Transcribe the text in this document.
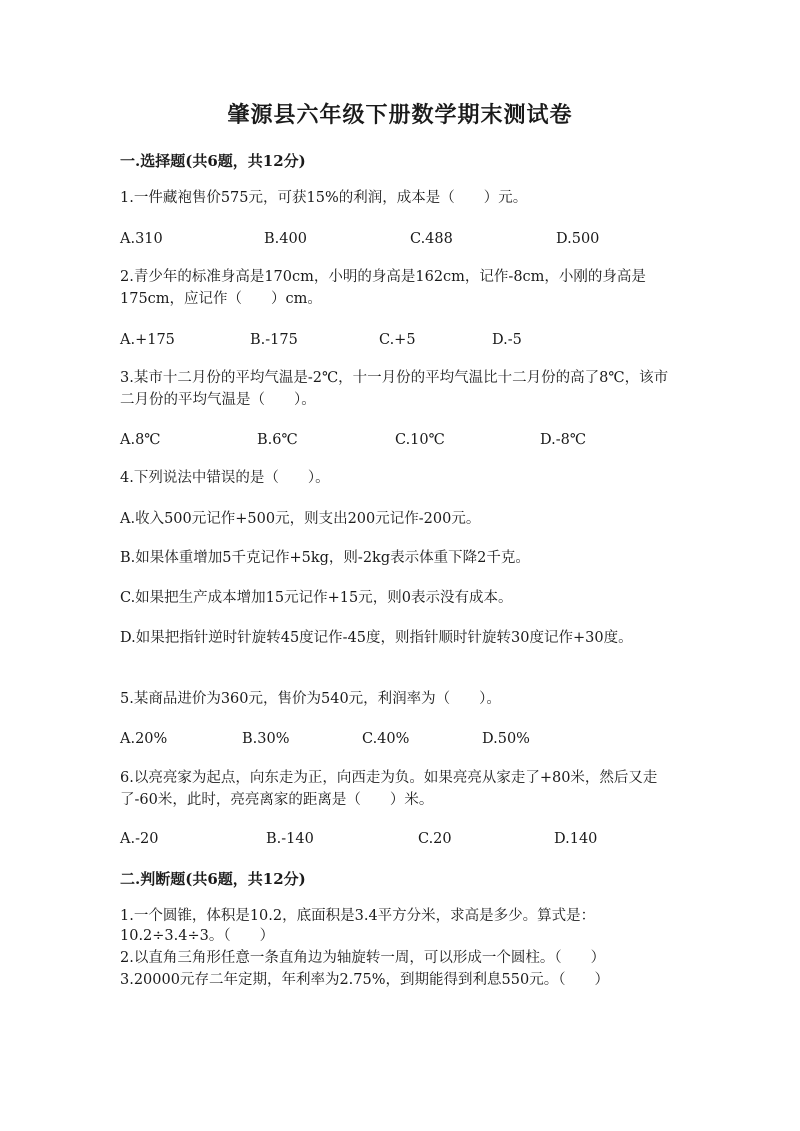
肇源县六年级下册数学期末测试卷
一.选择题(共6题，共12分)
1.一件藏袍售价575元，可获15%的利润，成本是（　　）元。
A.310	B.400	C.488	D.500
2.青少年的标准身高是170cm，小明的身高是162cm，记作-8cm，小刚的身高是175cm，应记作（　　）cm。
A.+175	B.-175	C.+5	D.-5
3.某市十二月份的平均气温是-2℃，十一月份的平均气温比十二月份的高了8℃，该市二月份的平均气温是（　　）。
A.8℃	B.6℃	C.10℃	D.-8℃
4.下列说法中错误的是（　　）。
A.收入500元记作+500元，则支出200元记作-200元。
B.如果体重增加5千克记作+5kg，则-2kg表示体重下降2千克。
C.如果把生产成本增加15元记作+15元，则0表示没有成本。
D.如果把指针逆时针旋转45度记作-45度，则指针顺时针旋转30度记作+30度。
5.某商品进价为360元，售价为540元，利润率为（　　）。
A.20%	B.30%	C.40%	D.50%
6.以亮亮家为起点，向东走为正，向西走为负。如果亮亮从家走了+80米，然后又走了-60米，此时，亮亮离家的距离是（　　）米。
A.-20	B.-140	C.20	D.140
二.判断题(共6题，共12分)
1.一个圆锥，体积是10.2，底面积是3.4平方分米，求高是多少。算式是：10.2÷3.4÷3。（　　）
2.以直角三角形任意一条直角边为轴旋转一周，可以形成一个圆柱。（　　）
3.20000元存二年定期，年利率为2.75%，到期能得到利息550元。（　　）
